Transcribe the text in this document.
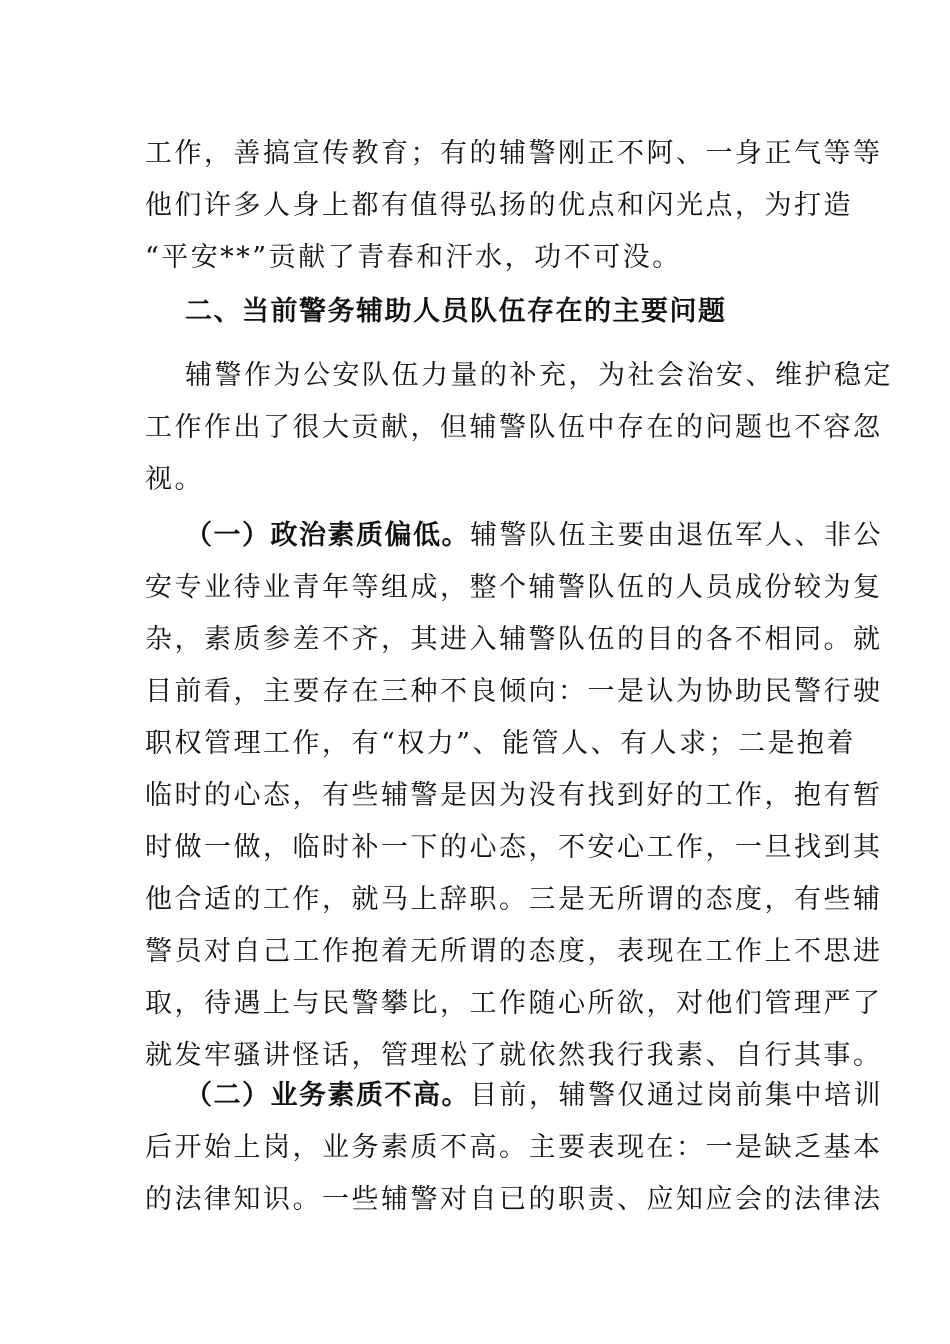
工作，善搞宣传教育；有的辅警刚正不阿、一身正气等等
他们许多人身上都有值得弘扬的优点和闪光点，为打造
“平安**”贡献了青春和汗水，功不可没。
二、当前警务辅助人员队伍存在的主要问题
辅警作为公安队伍力量的补充，为社会治安、维护稳定
工作作出了很大贡献，但辅警队伍中存在的问题也不容忽
视。
（一）政治素质偏低。辅警队伍主要由退伍军人、非公
安专业待业青年等组成，整个辅警队伍的人员成份较为复
杂，素质参差不齐，其进入辅警队伍的目的各不相同。就
目前看，主要存在三种不良倾向：一是认为协助民警行驶
职权管理工作，有“权力”、能管人、有人求；二是抱着
临时的心态，有些辅警是因为没有找到好的工作，抱有暂
时做一做，临时补一下的心态，不安心工作，一旦找到其
他合适的工作，就马上辞职。三是无所谓的态度，有些辅
警员对自己工作抱着无所谓的态度，表现在工作上不思进
取，待遇上与民警攀比，工作随心所欲，对他们管理严了
就发牢骚讲怪话，管理松了就依然我行我素、自行其事。
（二）业务素质不高。目前，辅警仅通过岗前集中培训
后开始上岗，业务素质不高。主要表现在：一是缺乏基本
的法律知识。一些辅警对自已的职责、应知应会的法律法
